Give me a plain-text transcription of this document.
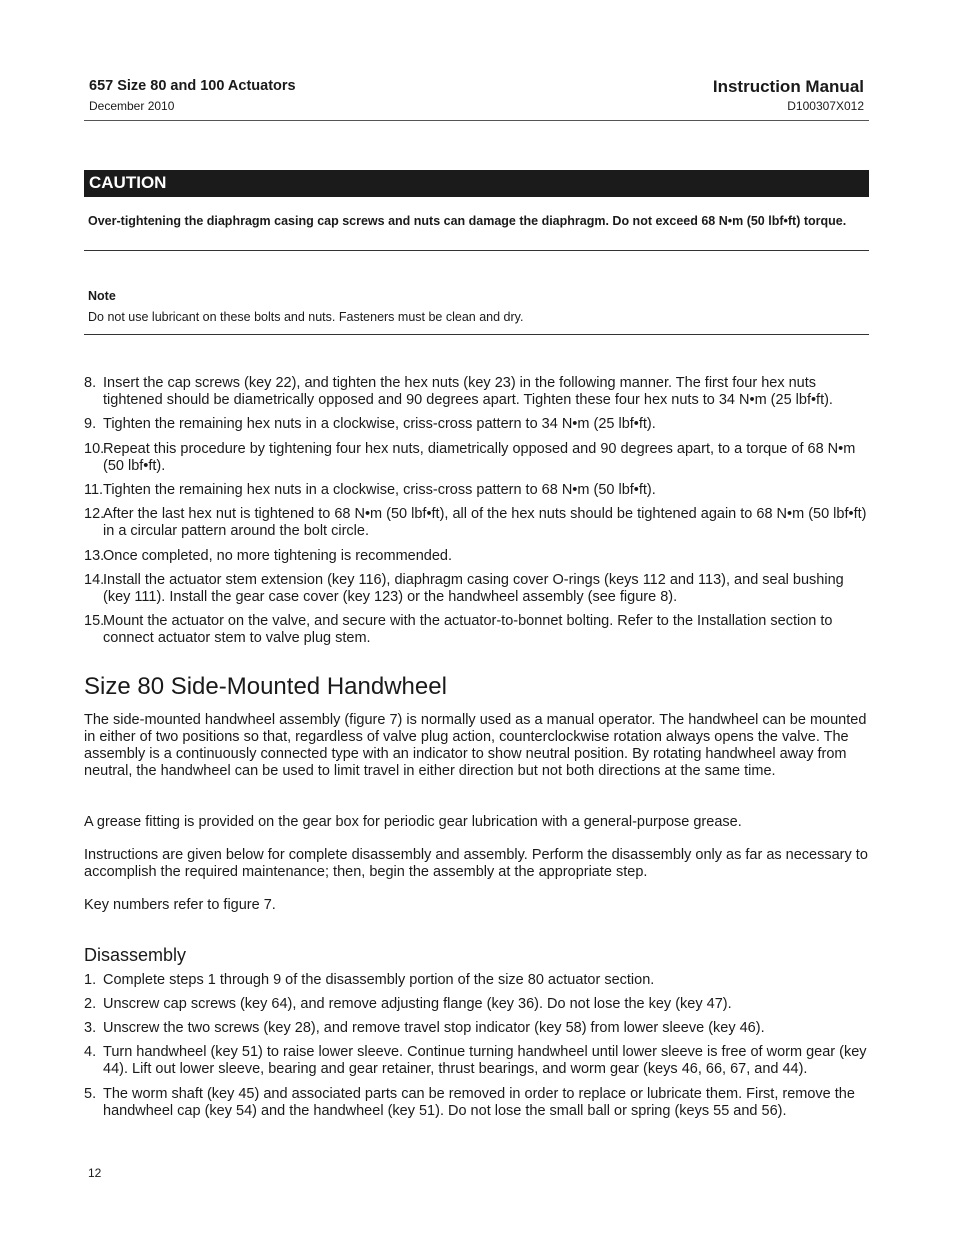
657 Size 80 and 100 Actuators
December 2010
Instruction Manual
D100307X012
CAUTION
Over-tightening the diaphragm casing cap screws and nuts can damage the diaphragm. Do not exceed 68 N•m (50 lbf•ft) torque.
Note
Do not use lubricant on these bolts and nuts. Fasteners must be clean and dry.
8. Insert the cap screws (key 22), and tighten the hex nuts (key 23) in the following manner. The first four hex nuts tightened should be diametrically opposed and 90 degrees apart. Tighten these four hex nuts to 34 N•m (25 lbf•ft).
9. Tighten the remaining hex nuts in a clockwise, criss-cross pattern to 34 N•m (25 lbf•ft).
10.
Repeat this procedure by tightening four hex nuts, diametrically opposed and 90 degrees apart, to a torque of 68 N•m (50 lbf•ft).
11. Tighten the remaining hex nuts in a clockwise, criss-cross pattern to 68 N•m (50 lbf•ft).
12.
After the last hex nut is tightened to 68 N•m (50 lbf•ft), all of the hex nuts should be tightened again to 68 N•m (50 lbf•ft) in a circular pattern around the bolt circle.
13.
Once completed, no more tightening is recommended.
14.
Install the actuator stem extension (key 116), diaphragm casing cover O-rings (keys 112 and 113), and seal bushing (key 111). Install the gear case cover (key 123) or the handwheel assembly (see figure 8).
15.
Mount the actuator on the valve, and secure with the actuator-to-bonnet bolting. Refer to the Installation section to connect actuator stem to valve plug stem.
Size 80 Side-Mounted Handwheel

The side-mounted handwheel assembly (figure 7) is normally used as a manual operator. The handwheel can be mounted in either of two positions so that, regardless of valve plug action, counterclockwise rotation always opens the valve. The assembly is a continuously connected type with an indicator to show neutral position. By rotating handwheel away from neutral, the handwheel can be used to limit travel in either direction but not both directions at the same time.

A grease fitting is provided on the gear box for periodic gear lubrication with a general-purpose grease.

Instructions are given below for complete disassembly and assembly. Perform the disassembly only as far as necessary to accomplish the required maintenance; then, begin the assembly at the appropriate step.

Key numbers refer to figure 7.

Disassembly
1. Complete steps 1 through 9 of the disassembly portion of the size 80 actuator section.
2. Unscrew cap screws (key 64), and remove adjusting flange (key 36). Do not lose the key (key 47).
3. Unscrew the two screws (key 28), and remove travel stop indicator (key 58) from lower sleeve (key 46).
4. Turn handwheel (key 51) to raise lower sleeve. Continue turning handwheel until lower sleeve is free of worm gear (key 44). Lift out lower sleeve, bearing and gear retainer, thrust bearings, and worm gear (keys 46, 66, 67, and 44).
5. The worm shaft (key 45) and associated parts can be removed in order to replace or lubricate them. First, remove the handwheel cap (key 54) and the handwheel (key 51). Do not lose the small ball or spring (keys 55 and 56).
12
